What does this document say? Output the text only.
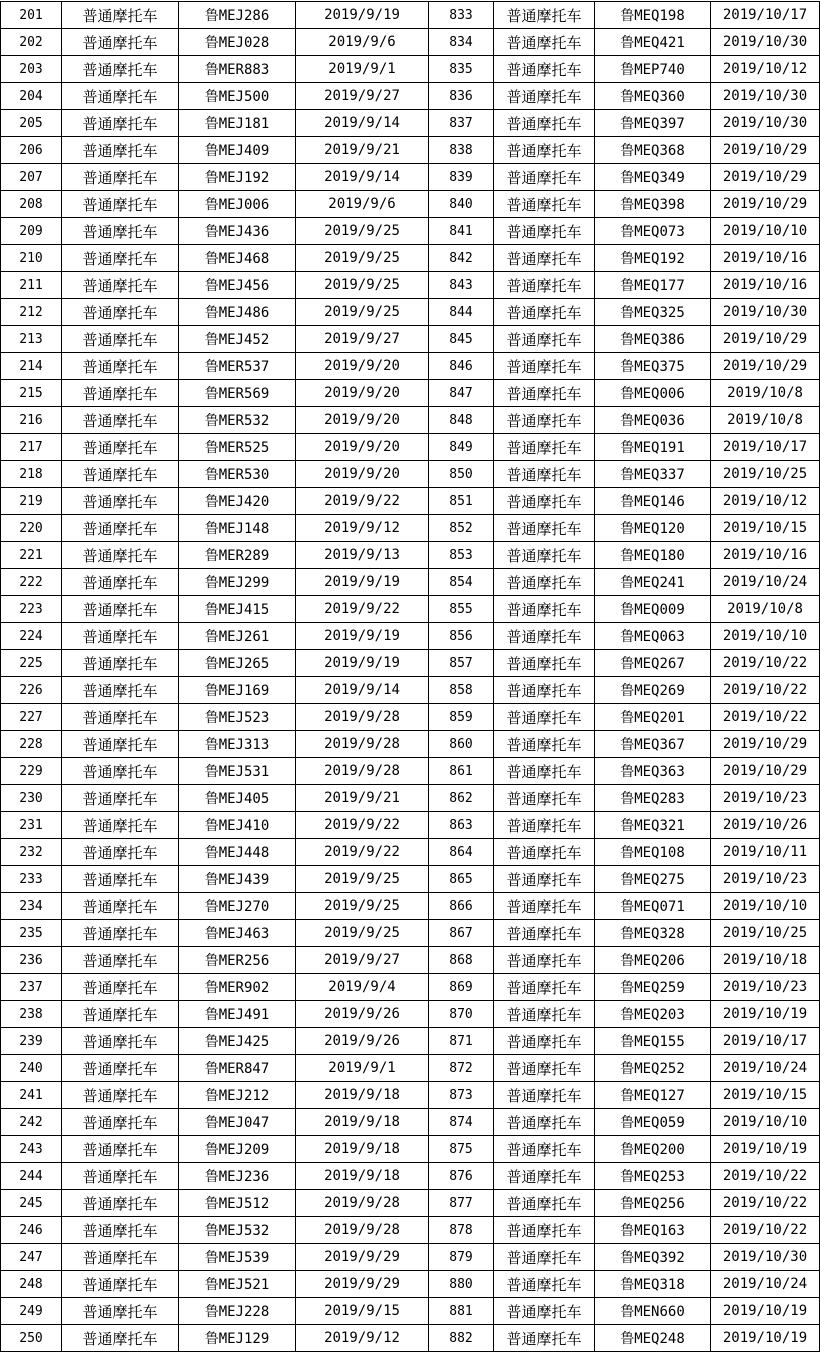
201	普通摩托车	鲁MEJ286	2019/9/19	833	普通摩托车	鲁MEQ198	2019/10/17
202	普通摩托车	鲁MEJ028	2019/9/6	834	普通摩托车	鲁MEQ421	2019/10/30
203	普通摩托车	鲁MER883	2019/9/1	835	普通摩托车	鲁MEP740	2019/10/12
204	普通摩托车	鲁MEJ500	2019/9/27	836	普通摩托车	鲁MEQ360	2019/10/30
205	普通摩托车	鲁MEJ181	2019/9/14	837	普通摩托车	鲁MEQ397	2019/10/30
206	普通摩托车	鲁MEJ409	2019/9/21	838	普通摩托车	鲁MEQ368	2019/10/29
207	普通摩托车	鲁MEJ192	2019/9/14	839	普通摩托车	鲁MEQ349	2019/10/29
208	普通摩托车	鲁MEJ006	2019/9/6	840	普通摩托车	鲁MEQ398	2019/10/29
209	普通摩托车	鲁MEJ436	2019/9/25	841	普通摩托车	鲁MEQ073	2019/10/10
210	普通摩托车	鲁MEJ468	2019/9/25	842	普通摩托车	鲁MEQ192	2019/10/16
211	普通摩托车	鲁MEJ456	2019/9/25	843	普通摩托车	鲁MEQ177	2019/10/16
212	普通摩托车	鲁MEJ486	2019/9/25	844	普通摩托车	鲁MEQ325	2019/10/30
213	普通摩托车	鲁MEJ452	2019/9/27	845	普通摩托车	鲁MEQ386	2019/10/29
214	普通摩托车	鲁MER537	2019/9/20	846	普通摩托车	鲁MEQ375	2019/10/29
215	普通摩托车	鲁MER569	2019/9/20	847	普通摩托车	鲁MEQ006	2019/10/8
216	普通摩托车	鲁MER532	2019/9/20	848	普通摩托车	鲁MEQ036	2019/10/8
217	普通摩托车	鲁MER525	2019/9/20	849	普通摩托车	鲁MEQ191	2019/10/17
218	普通摩托车	鲁MER530	2019/9/20	850	普通摩托车	鲁MEQ337	2019/10/25
219	普通摩托车	鲁MEJ420	2019/9/22	851	普通摩托车	鲁MEQ146	2019/10/12
220	普通摩托车	鲁MEJ148	2019/9/12	852	普通摩托车	鲁MEQ120	2019/10/15
221	普通摩托车	鲁MER289	2019/9/13	853	普通摩托车	鲁MEQ180	2019/10/16
222	普通摩托车	鲁MEJ299	2019/9/19	854	普通摩托车	鲁MEQ241	2019/10/24
223	普通摩托车	鲁MEJ415	2019/9/22	855	普通摩托车	鲁MEQ009	2019/10/8
224	普通摩托车	鲁MEJ261	2019/9/19	856	普通摩托车	鲁MEQ063	2019/10/10
225	普通摩托车	鲁MEJ265	2019/9/19	857	普通摩托车	鲁MEQ267	2019/10/22
226	普通摩托车	鲁MEJ169	2019/9/14	858	普通摩托车	鲁MEQ269	2019/10/22
227	普通摩托车	鲁MEJ523	2019/9/28	859	普通摩托车	鲁MEQ201	2019/10/22
228	普通摩托车	鲁MEJ313	2019/9/28	860	普通摩托车	鲁MEQ367	2019/10/29
229	普通摩托车	鲁MEJ531	2019/9/28	861	普通摩托车	鲁MEQ363	2019/10/29
230	普通摩托车	鲁MEJ405	2019/9/21	862	普通摩托车	鲁MEQ283	2019/10/23
231	普通摩托车	鲁MEJ410	2019/9/22	863	普通摩托车	鲁MEQ321	2019/10/26
232	普通摩托车	鲁MEJ448	2019/9/22	864	普通摩托车	鲁MEQ108	2019/10/11
233	普通摩托车	鲁MEJ439	2019/9/25	865	普通摩托车	鲁MEQ275	2019/10/23
234	普通摩托车	鲁MEJ270	2019/9/25	866	普通摩托车	鲁MEQ071	2019/10/10
235	普通摩托车	鲁MEJ463	2019/9/25	867	普通摩托车	鲁MEQ328	2019/10/25
236	普通摩托车	鲁MER256	2019/9/27	868	普通摩托车	鲁MEQ206	2019/10/18
237	普通摩托车	鲁MER902	2019/9/4	869	普通摩托车	鲁MEQ259	2019/10/23
238	普通摩托车	鲁MEJ491	2019/9/26	870	普通摩托车	鲁MEQ203	2019/10/19
239	普通摩托车	鲁MEJ425	2019/9/26	871	普通摩托车	鲁MEQ155	2019/10/17
240	普通摩托车	鲁MER847	2019/9/1	872	普通摩托车	鲁MEQ252	2019/10/24
241	普通摩托车	鲁MEJ212	2019/9/18	873	普通摩托车	鲁MEQ127	2019/10/15
242	普通摩托车	鲁MEJ047	2019/9/18	874	普通摩托车	鲁MEQ059	2019/10/10
243	普通摩托车	鲁MEJ209	2019/9/18	875	普通摩托车	鲁MEQ200	2019/10/19
244	普通摩托车	鲁MEJ236	2019/9/18	876	普通摩托车	鲁MEQ253	2019/10/22
245	普通摩托车	鲁MEJ512	2019/9/28	877	普通摩托车	鲁MEQ256	2019/10/22
246	普通摩托车	鲁MEJ532	2019/9/28	878	普通摩托车	鲁MEQ163	2019/10/22
247	普通摩托车	鲁MEJ539	2019/9/29	879	普通摩托车	鲁MEQ392	2019/10/30
248	普通摩托车	鲁MEJ521	2019/9/29	880	普通摩托车	鲁MEQ318	2019/10/24
249	普通摩托车	鲁MEJ228	2019/9/15	881	普通摩托车	鲁MEN660	2019/10/19
250	普通摩托车	鲁MEJ129	2019/9/12	882	普通摩托车	鲁MEQ248	2019/10/19
